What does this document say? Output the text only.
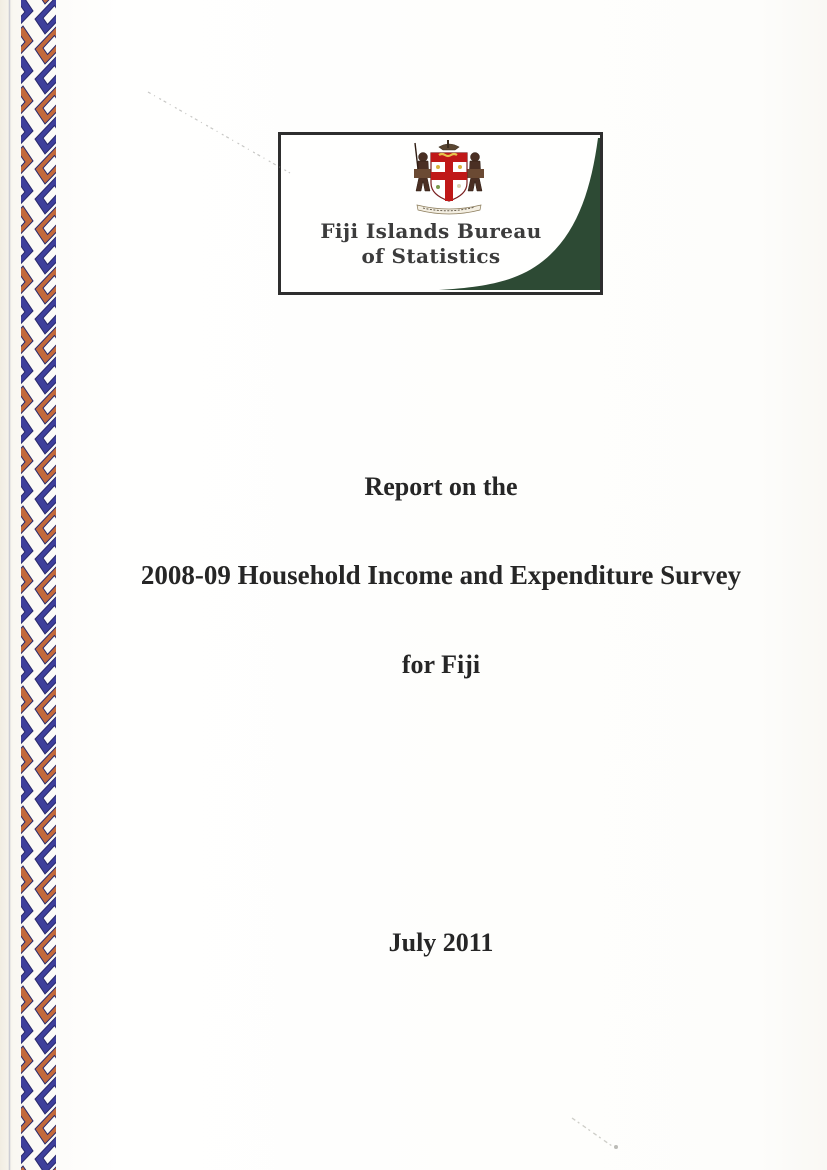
Fiji Islands Bureau
of Statistics
Report on the
2008-09 Household Income and Expenditure Survey
for Fiji
July 2011
